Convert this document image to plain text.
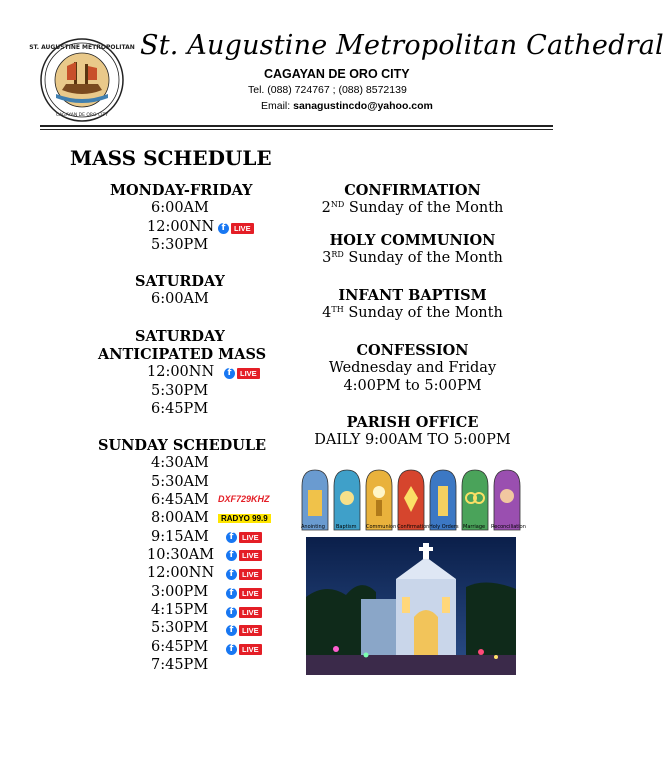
ST. AUGUSTINE METROPOLITAN
CAGAYAN DE ORO CITY
St. Augustine Metropolitan Cathedral
CAGAYAN DE ORO CITY
Tel. (088) 724767 ; (088) 8572139
Email: sanagustincdo@yahoo.com
MASS SCHEDULE
MONDAY-FRIDAY
6:00AM
12:00NN f	LIVE
5:30PM
SATURDAY
6:00AM
SATURDAY
ANTICIPATED MASS
12:00NN	f	LIVE
5:30PM
6:45PM
SUNDAY SCHEDULE
4:30AM
5:30AM
6:45AM DXF729KHZ
8:00AM	RADYO 99.9
9:15AM	f	LIVE
10:30AM	f	LIVE
12:00NN	f	LIVE
3:00PM	f	LIVE
4:15PM	f	LIVE
5:30PM	f	LIVE
6:45PM	f	LIVE
7:45PM
CONFIRMATION
2ND Sunday of the Month
HOLY COMMUNION
3RD Sunday of the Month
INFANT BAPTISM
4TH Sunday of the Month
CONFESSION
Wednesday and Friday
4:00PM to 5:00PM
PARISH OFFICE
DAILY 9:00AM TO 5:00PM
Anointing Baptism Communion Confirmation Holy Orders Marriage Reconciliation
